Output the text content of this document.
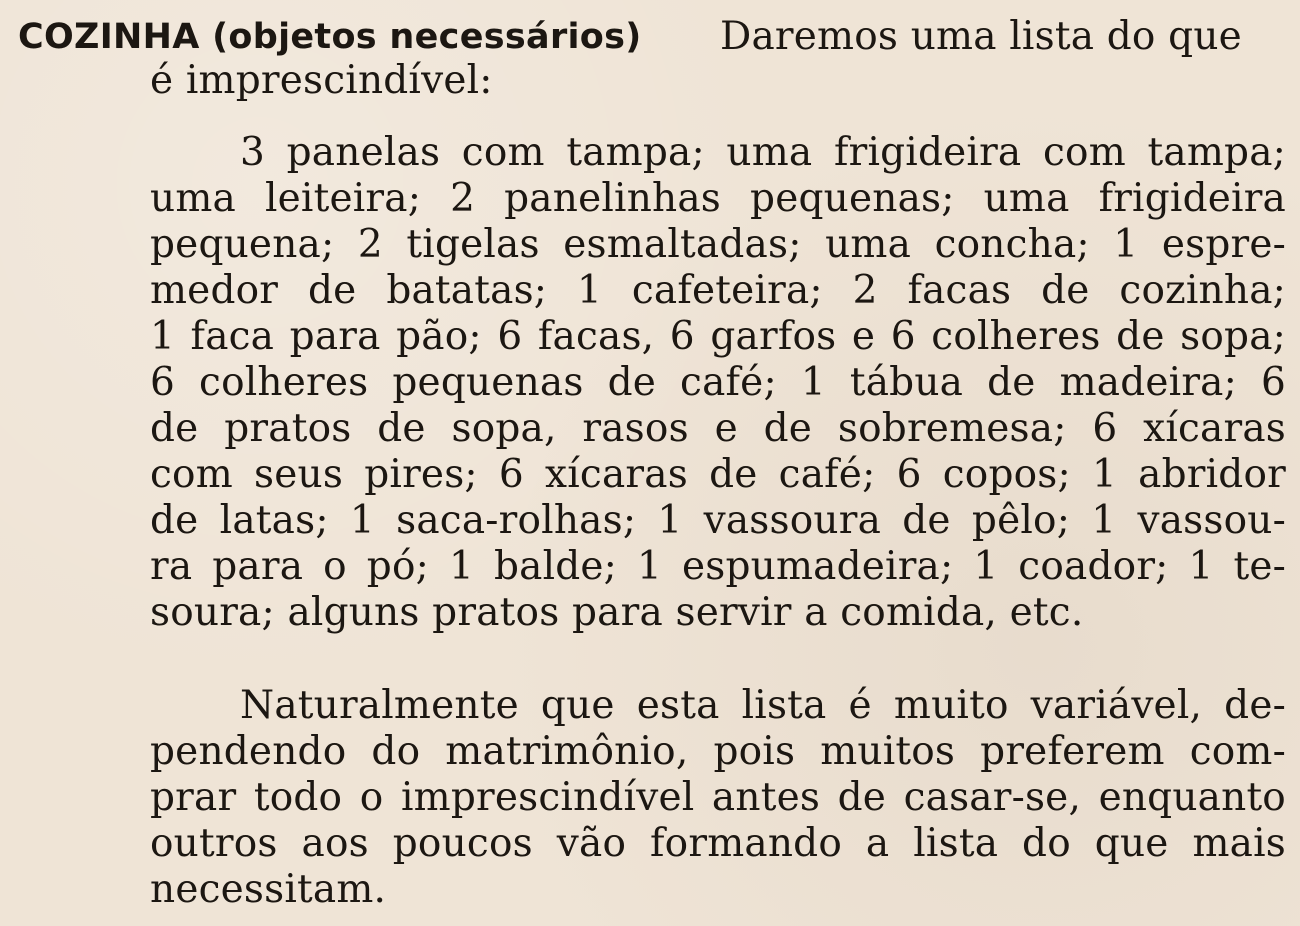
COZINHA (objetos necessários) Daremos uma lista do que
é imprescindível:
3 panelas com tampa; uma frigideira com tampa;
uma leiteira; 2 panelinhas pequenas; uma frigideira
pequena; 2 tigelas esmaltadas; uma concha; 1 espre-
medor de batatas; 1 cafeteira; 2 facas de cozinha;
1 faca para pão; 6 facas, 6 garfos e 6 colheres de sopa;
6 colheres pequenas de café; 1 tábua de madeira; 6
de pratos de sopa, rasos e de sobremesa; 6 xícaras
com seus pires; 6 xícaras de café; 6 copos; 1 abridor
de latas; 1 saca-rolhas; 1 vassoura de pêlo; 1 vassou-
ra para o pó; 1 balde; 1 espumadeira; 1 coador; 1 te-
soura; alguns pratos para servir a comida, etc.
Naturalmente que esta lista é muito variável, de-
pendendo do matrimônio, pois muitos preferem com-
prar todo o imprescindível antes de casar-se, enquanto
outros aos poucos vão formando a lista do que mais
necessitam.
